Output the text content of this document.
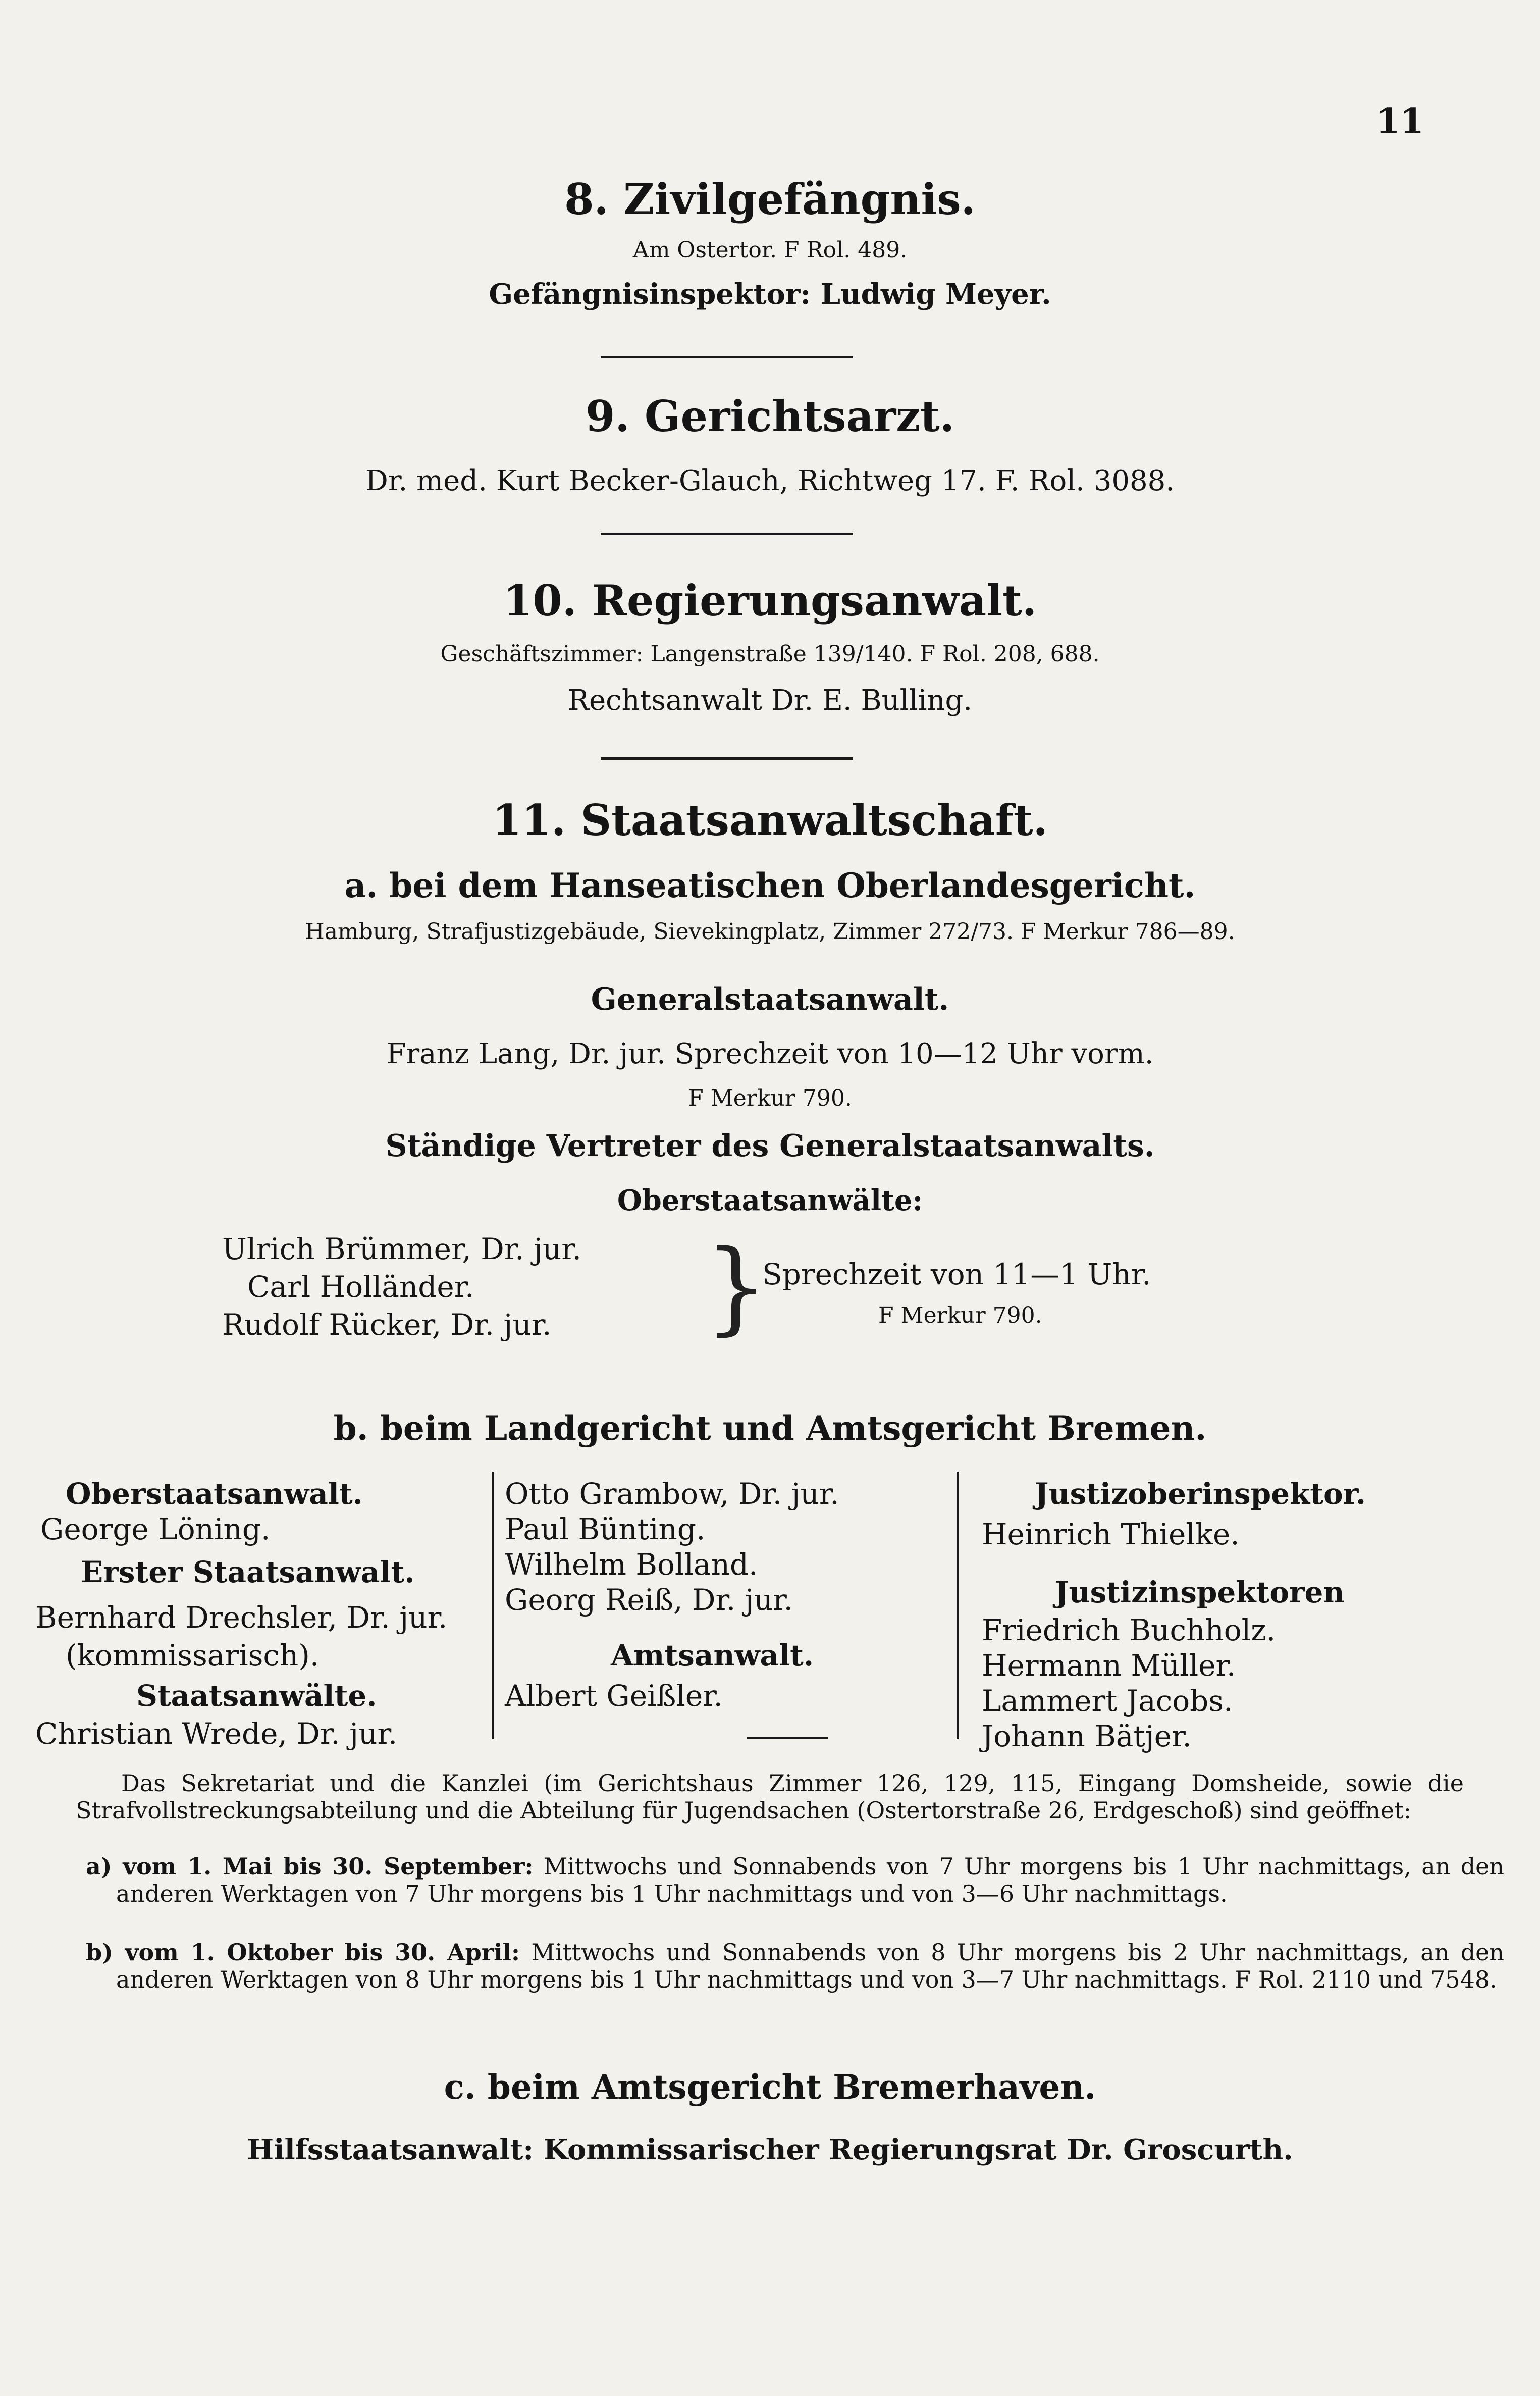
11
8. Zivilgefängnis.
Am Ostertor. F Rol. 489.
Gefängnisinspektor: Ludwig Meyer.
9. Gerichtsarzt.
Dr. med. Kurt Becker-Glauch, Richtweg 17. F. Rol. 3088.
10. Regierungsanwalt.
Geschäftszimmer: Langenstraße 139/140. F Rol. 208, 688.
Rechtsanwalt Dr. E. Bulling.
11. Staatsanwaltschaft.
a. bei dem Hanseatischen Oberlandesgericht.
Hamburg, Strafjustizgebäude, Sievekingplatz, Zimmer 272/73. F Merkur 786—89.
Generalstaatsanwalt.
Franz Lang, Dr. jur. Sprechzeit von 10—12 Uhr vorm.
F Merkur 790.
Ständige Vertreter des Generalstaatsanwalts.
Oberstaatsanwälte:
Ulrich Brümmer, Dr. jur.
Carl Holländer.
Rudolf Rücker, Dr. jur. }
Sprechzeit von 11—1 Uhr.
F Merkur 790.
b. beim Landgericht und Amtsgericht Bremen.
Oberstaatsanwalt.
George Löning.
Erster Staatsanwalt.
Bernhard Drechsler, Dr. jur.
(kommissarisch).
Staatsanwälte.
Christian Wrede, Dr. jur.
Otto Grambow, Dr. jur.
Paul Bünting.
Wilhelm Bolland.
Georg Reiß, Dr. jur.
Amtsanwalt.
Albert Geißler.
Justizoberinspektor.
Heinrich Thielke.
Justizinspektoren
Friedrich Buchholz.
Hermann Müller.
Lammert Jacobs.
Johann Bätjer.
Das Sekretariat und die Kanzlei (im Gerichtshaus Zimmer 126, 129, 115, Eingang Domsheide, sowie die Strafvollstreckungsabteilung und die Abteilung für Jugendsachen (Ostertorstraße 26, Erdgeschoß) sind geöffnet:
a) vom 1. Mai bis 30. September: Mittwochs und Sonnabends von 7 Uhr morgens bis 1 Uhr nachmittags, an den anderen Werktagen von 7 Uhr morgens bis 1 Uhr nachmittags und von 3—6 Uhr nachmittags.
b) vom 1. Oktober bis 30. April: Mittwochs und Sonnabends von 8 Uhr morgens bis 2 Uhr nachmittags, an den anderen Werktagen von 8 Uhr morgens bis 1 Uhr nachmittags und von 3—7 Uhr nachmittags. F Rol. 2110 und 7548.
c. beim Amtsgericht Bremerhaven.
Hilfsstaatsanwalt: Kommissarischer Regierungsrat Dr. Groscurth.
